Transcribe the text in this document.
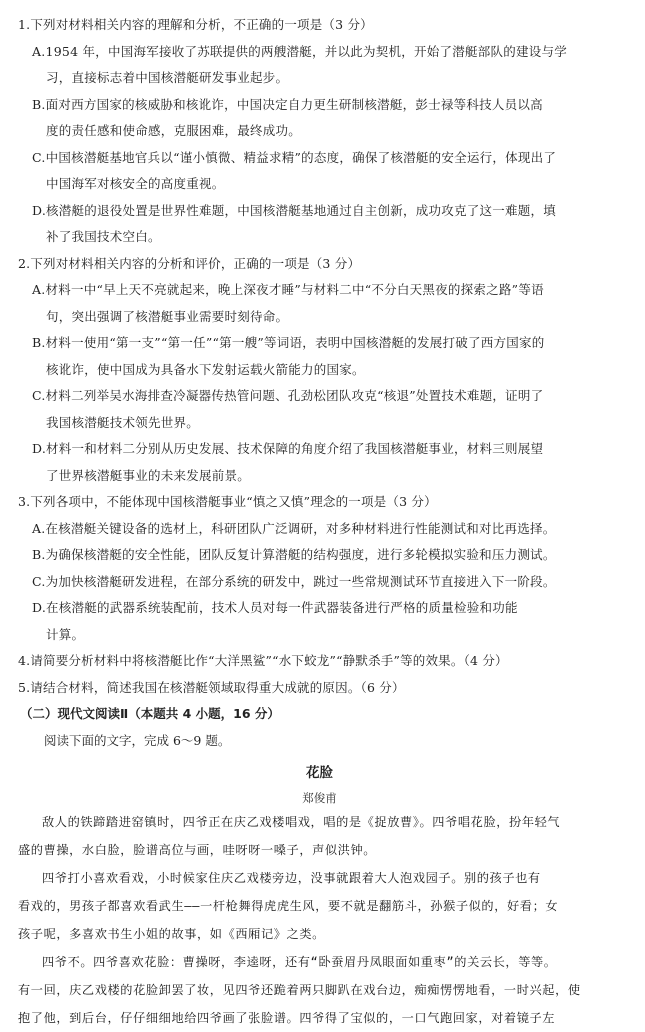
1.下列对材料相关内容的理解和分析，不正确的一项是（3 分）
A.1954 年，中国海军接收了苏联提供的两艘潜艇，并以此为契机，开始了潜艇部队的建设与学
习，直接标志着中国核潜艇研发事业起步。
B.面对西方国家的核威胁和核讹诈，中国决定自力更生研制核潜艇，彭士禄等科技人员以高
度的责任感和使命感，克服困难，最终成功。
C.中国核潜艇基地官兵以“谨小慎微、精益求精”的态度，确保了核潜艇的安全运行，体现出了
中国海军对核安全的高度重视。
D.核潜艇的退役处置是世界性难题，中国核潜艇基地通过自主创新，成功攻克了这一难题，填
补了我国技术空白。
2.下列对材料相关内容的分析和评价，正确的一项是（3 分）
A.材料一中“早上天不亮就起来，晚上深夜才睡”与材料二中“不分白天黑夜的探索之路”等语
句，突出强调了核潜艇事业需要时刻待命。
B.材料一使用“第一支”“第一任”“第一艘”等词语，表明中国核潜艇的发展打破了西方国家的
核讹诈，使中国成为具备水下发射运载火箭能力的国家。
C.材料二列举吴水海排查冷凝器传热管问题、孔劲松团队攻克“核退”处置技术难题，证明了
我国核潜艇技术领先世界。
D.材料一和材料二分别从历史发展、技术保障的角度介绍了我国核潜艇事业，材料三则展望
了世界核潜艇事业的未来发展前景。
3.下列各项中，不能体现中国核潜艇事业“慎之又慎”理念的一项是（3 分）
A.在核潜艇关键设备的选材上，科研团队广泛调研，对多种材料进行性能测试和对比再选择。
B.为确保核潜艇的安全性能，团队反复计算潜艇的结构强度，进行多轮模拟实验和压力测试。
C.为加快核潜艇研发进程，在部分系统的研发中，跳过一些常规测试环节直接进入下一阶段。
D.在核潜艇的武器系统装配前，技术人员对每一件武器装备进行严格的质量检验和功能
计算。
4.请简要分析材料中将核潜艇比作“大洋黑鲨”“水下蛟龙”“静默杀手”等的效果。（4 分）
5.请结合材料，简述我国在核潜艇领域取得重大成就的原因。（6 分）
（二）现代文阅读Ⅱ（本题共 4 小题，16 分）
阅读下面的文字，完成 6～9 题。
花脸
郑俊甫
敌人的铁蹄踏进窑镇时，四爷正在庆乙戏楼唱戏，唱的是《捉放曹》。四爷唱花脸，扮年轻气
盛的曹操，水白脸，脸谱高位与画，哇呀呀一嗓子，声似洪钟。
四爷打小喜欢看戏，小时候家住庆乙戏楼旁边，没事就跟着大人泡戏园子。别的孩子也有
看戏的，男孩子都喜欢看武生——一杆枪舞得虎虎生风，要不就是翻筋斗，孙猴子似的，好看；女
孩子呢，多喜欢书生小姐的故事，如《西厢记》之类。
四爷不。四爷喜欢花脸：曹操呀，李逵呀，还有“卧蚕眉丹凤眼面如重枣”的关云长，等等。
有一回，庆乙戏楼的花脸卸罢了妆，见四爷还跪着两只脚趴在戏台边，痴痴愣愣地看，一时兴起，使
抱了他，到后台，仔仔细细地给四爷画了张脸谱。四爷得了宝似的，一口气跑回家，对着镜子左
